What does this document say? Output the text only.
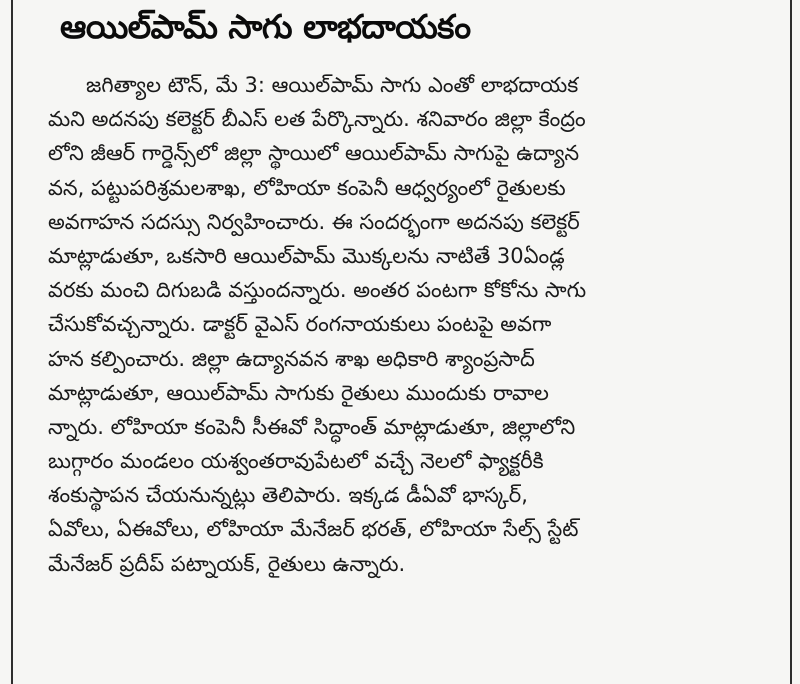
ఆయిల్‌పామ్ సాగు లాభదాయకం
జగిత్యాల టౌన్, మే 3: ఆయిల్‌పామ్ సాగు ఎంతో లాభదాయక
మని అదనపు కలెక్టర్ బీఎస్ లత పేర్కొన్నారు. శనివారం జిల్లా కేంద్రం
లోని జీఆర్ గార్డెన్స్‌లో జిల్లా స్థాయిలో ఆయిల్‌పామ్ సాగుపై ఉద్యాన
వన, పట్టుపరిశ్రమలశాఖ, లోహియా కంపెనీ ఆధ్వర్యంలో రైతులకు
అవగాహన సదస్సు నిర్వహించారు. ఈ సందర్భంగా అదనపు కలెక్టర్
మాట్లాడుతూ, ఒకసారి ఆయిల్‌పామ్ మొక్కలను నాటితే 30ఏండ్ల
వరకు మంచి దిగుబడి వస్తుందన్నారు. అంతర పంటగా కోకోను సాగు
చేసుకోవచ్చన్నారు. డాక్టర్ వైఎస్ రంగనాయకులు పంటపై అవగా
హన కల్పించారు. జిల్లా ఉద్యానవన శాఖ అధికారి శ్యాంప్రసాద్
మాట్లాడుతూ, ఆయిల్‌పామ్ సాగుకు రైతులు ముందుకు రావాల
న్నారు. లోహియా కంపెనీ సీఈవో సిద్ధాంత్ మాట్లాడుతూ, జిల్లాలోని
బుగ్గారం మండలం యశ్వంతరావుపేటలో వచ్చే నెలలో ఫ్యాక్టరీకి
శంకుస్థాపన చేయనున్నట్లు తెలిపారు. ఇక్కడ డీఏవో భాస్కర్,
ఏవోలు, ఏఈవోలు, లోహియా మేనేజర్ భరత్, లోహియా సేల్స్ స్టేట్
మేనేజర్ ప్రదీప్ పట్నాయక్, రైతులు ఉన్నారు.
